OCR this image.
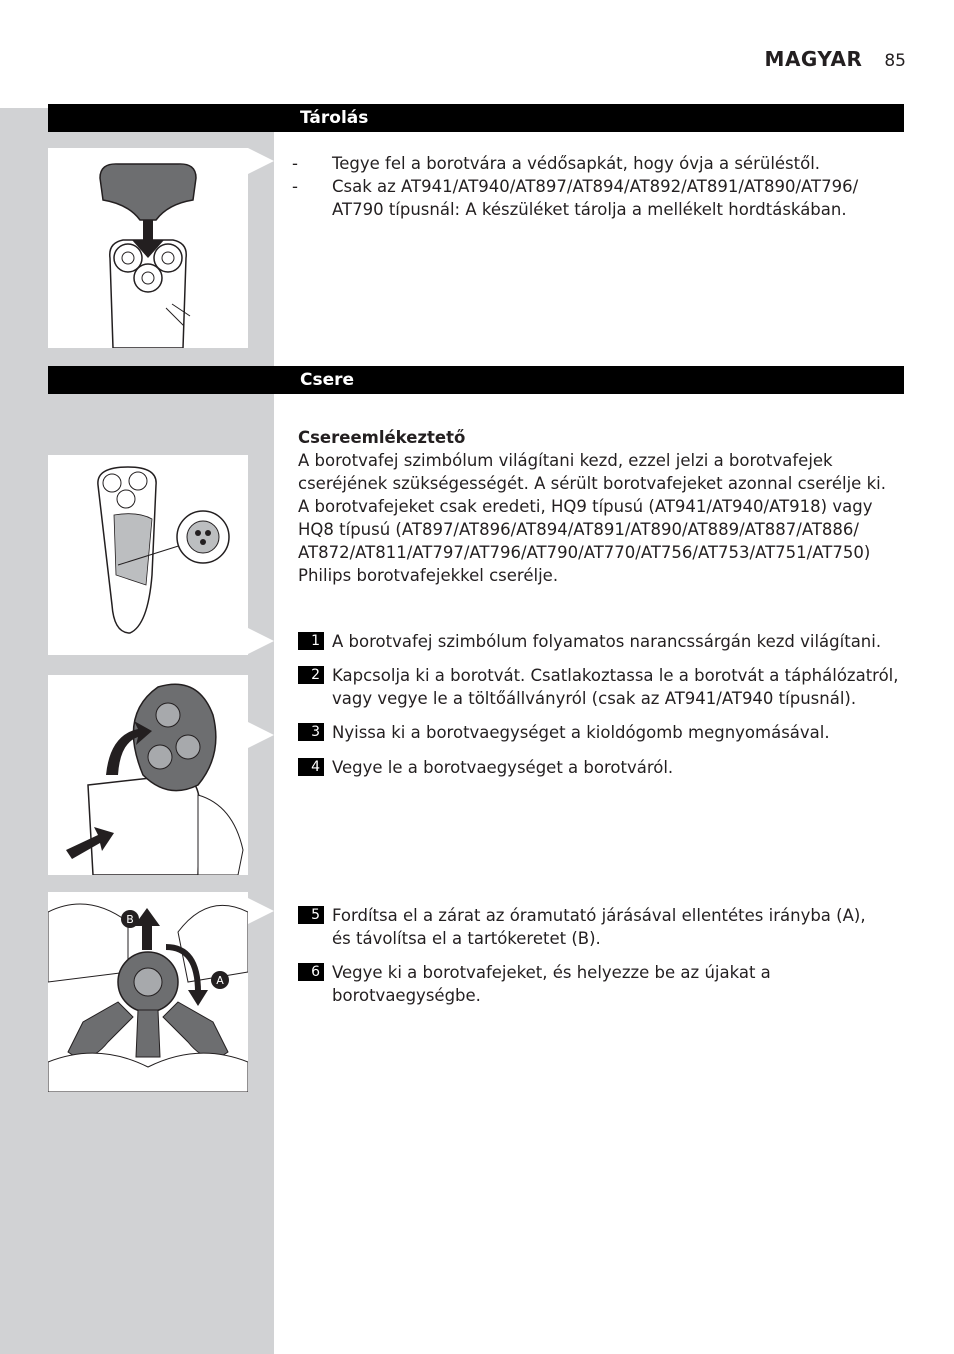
MAGYAR 85
Tárolás
-	Tegye fel a borotvára a védősapkát, hogy óvja a sérüléstől.
-	Csak az AT941/AT940/AT897/AT894/AT892/AT891/AT890/AT796/
AT790 típusnál: A készüléket tárolja a mellékelt hordtáskában.
Csere
Csereemlékeztető
A borotvafej szimbólum világítani kezd, ezzel jelzi a borotvafejek
cseréjének szükségességét. A sérült borotvafejeket azonnal cserélje ki.
A borotvafejeket csak eredeti, HQ9 típusú (AT941/AT940/AT918) vagy
HQ8 típusú (AT897/AT896/AT894/AT891/AT890/AT889/AT887/AT886/
AT872/AT811/AT797/AT796/AT790/AT770/AT756/AT753/AT751/AT750)
Philips borotvafejekkel cserélje.
1 A borotvafej szimbólum folyamatos narancssárgán kezd világítani.
2 Kapcsolja ki a borotvát. Csatlakoztassa le a borotvát a táphálózatról,
vagy vegye le a töltőállványról (csak az AT941/AT940 típusnál).
3 Nyissa ki a borotvaegységet a kioldógomb megnyomásával.
4 Vegye le a borotvaegységet a borotváról.
B
A
5 Fordítsa el a zárat az óramutató járásával ellentétes irányba (A),
és távolítsa el a tartókeretet (B).
6 Vegye ki a borotvafejeket, és helyezze be az újakat a borotvaegységbe.
